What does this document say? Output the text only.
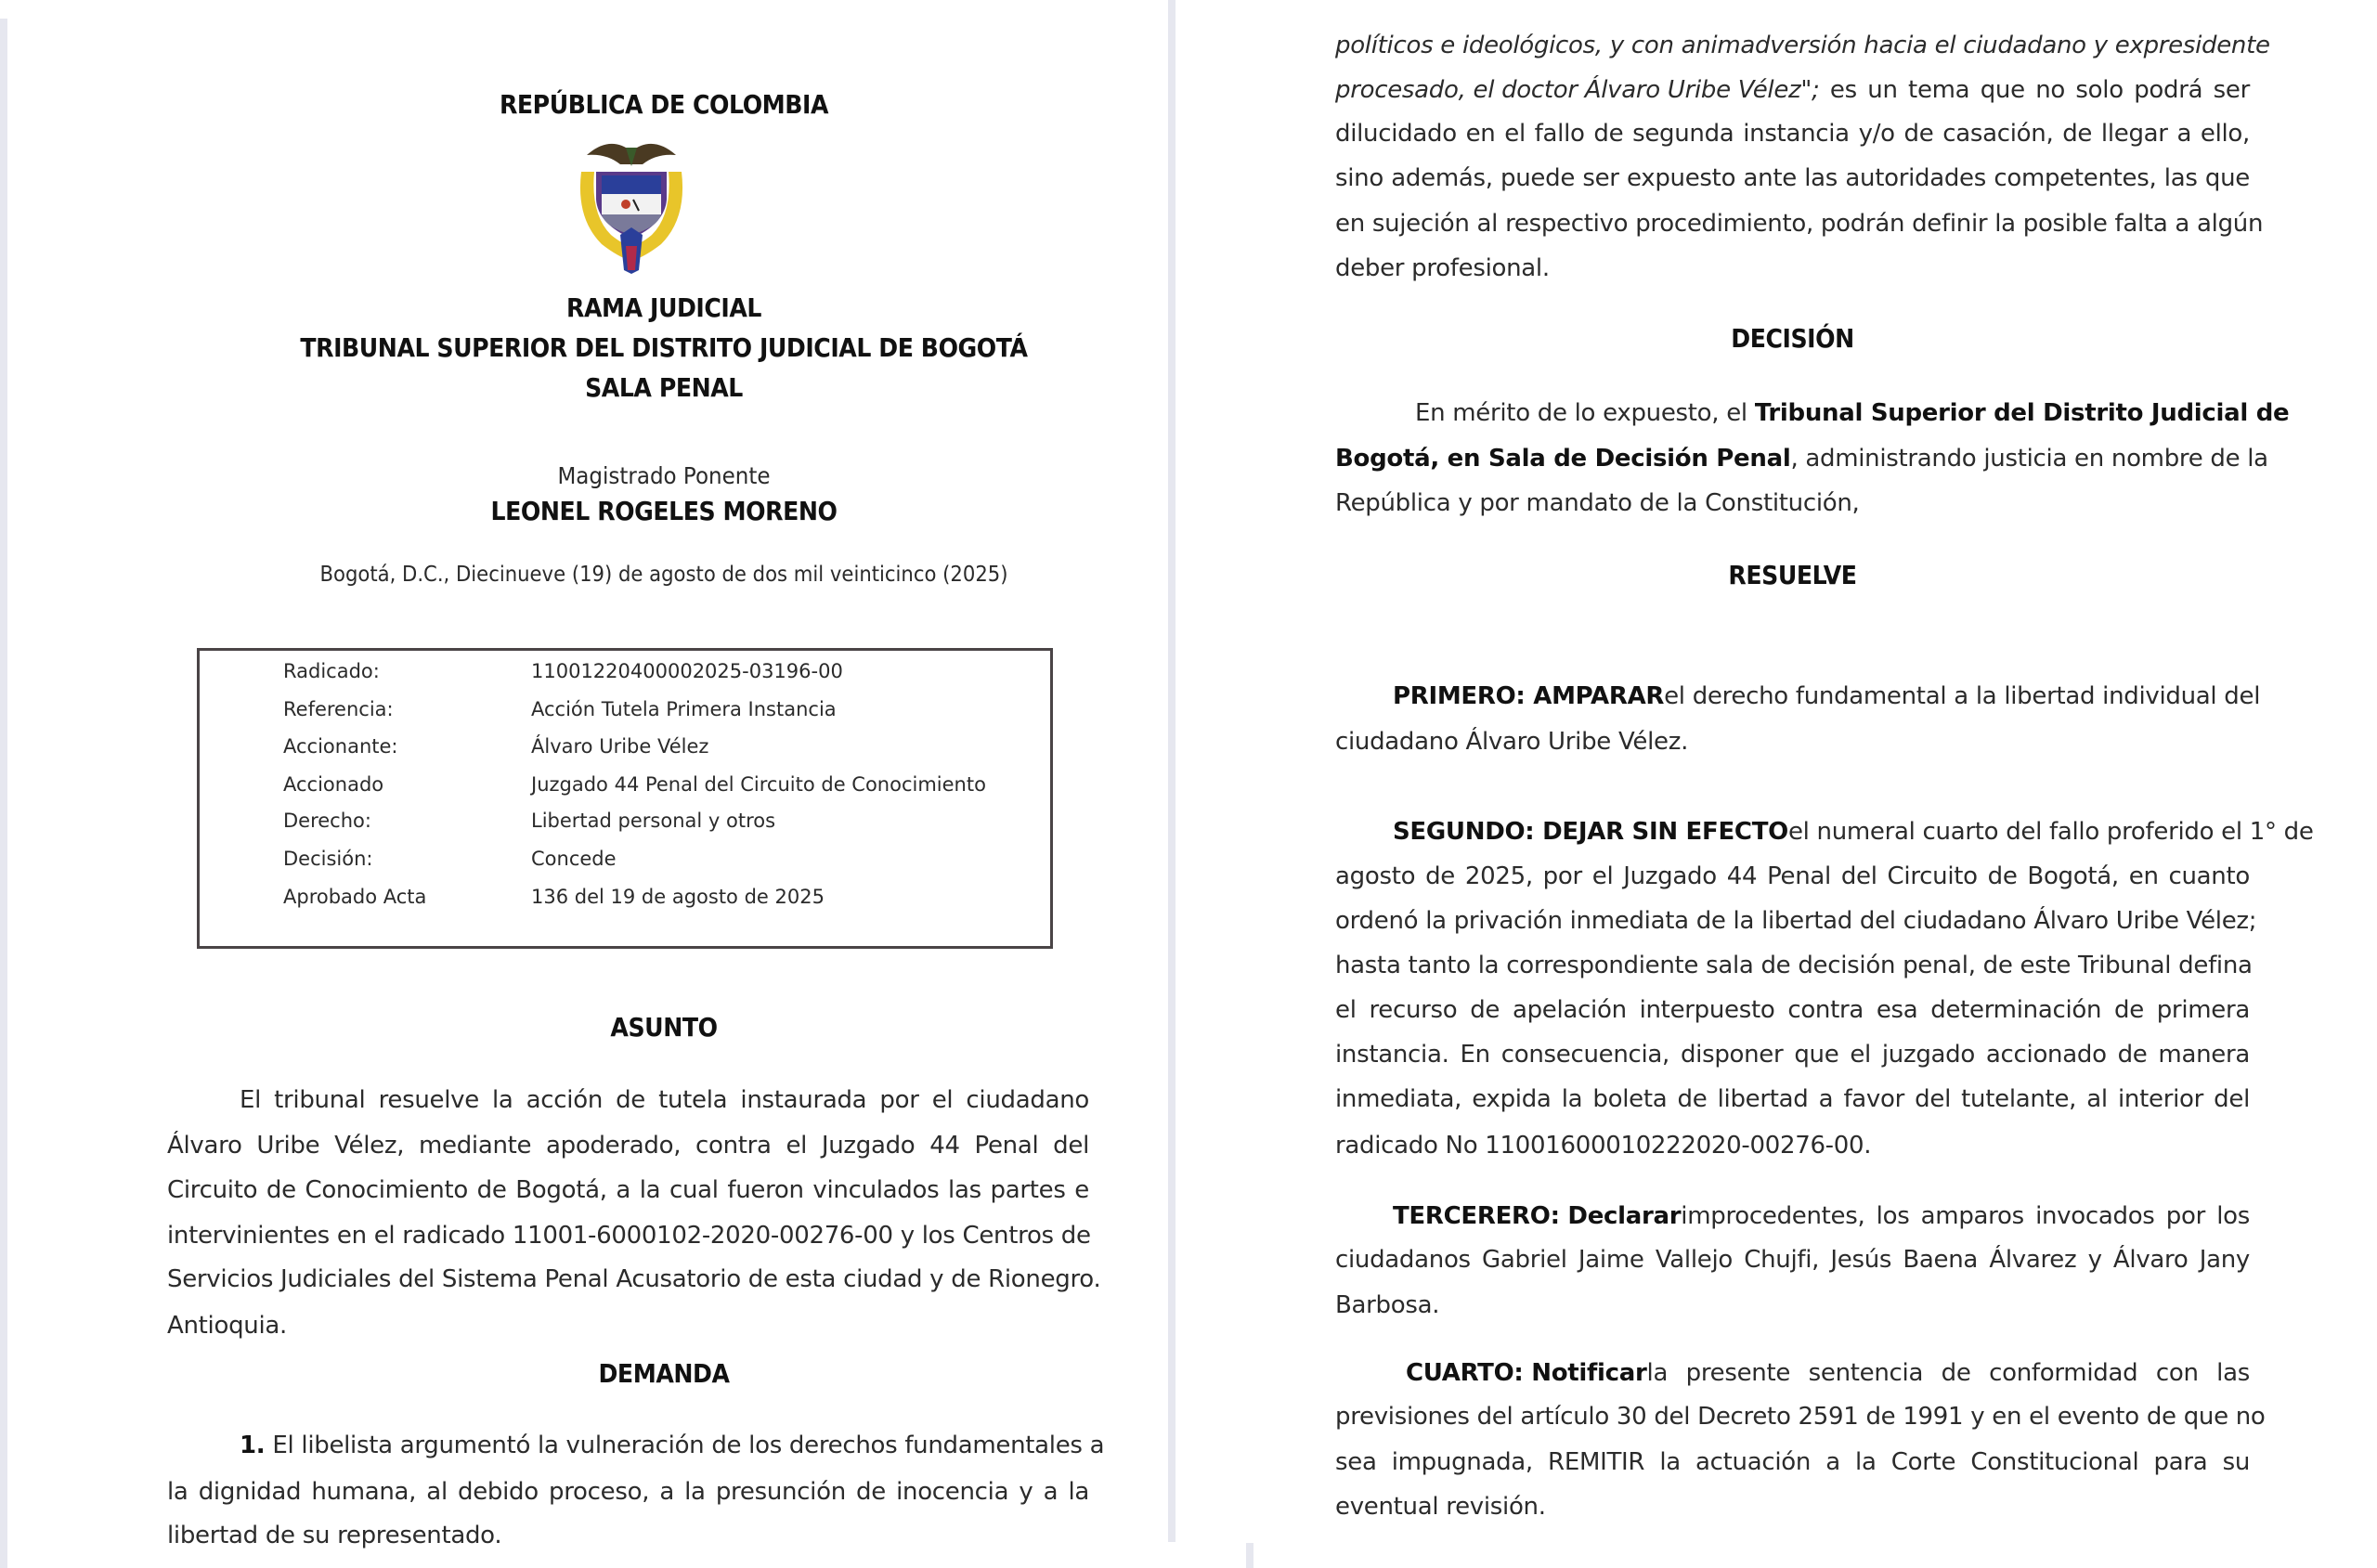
REPÚBLICA DE COLOMBIA
RAMA JUDICIAL
TRIBUNAL SUPERIOR DEL DISTRITO JUDICIAL DE BOGOTÁ
SALA PENAL
Magistrado Ponente
LEONEL ROGELES MORENO
Bogotá, D.C., Diecinueve (19) de agosto de dos mil veinticinco (2025)
Radicado:	11001220400002025-03196-00
Referencia:	Acción Tutela Primera Instancia
Accionante:	Álvaro Uribe Vélez
Accionado	Juzgado 44 Penal del Circuito de Conocimiento
Derecho:	Libertad personal y otros
Decisión:	Concede
Aprobado Acta	136 del 19 de agosto de 2025
ASUNTO
El tribunal resuelve la acción de tutela instaurada por el ciudadano
Álvaro Uribe Vélez, mediante apoderado, contra el Juzgado 44 Penal del
Circuito de Conocimiento de Bogotá, a la cual fueron vinculados las partes e
intervinientes en el radicado 11001-6000102-2020-00276-00 y los Centros de
Servicios Judiciales del Sistema Penal Acusatorio de esta ciudad y de Rionegro.
Antioquia.
DEMANDA
1. El libelista argumentó la vulneración de los derechos fundamentales a
la dignidad humana, al debido proceso, a la presunción de inocencia y a la
libertad de su representado.
políticos e ideológicos, y con animadversión hacia el ciudadano y expresidente
procesado, el doctor Álvaro Uribe Vélez"; es un tema que no solo podrá ser
dilucidado en el fallo de segunda instancia y/o de casación, de llegar a ello,
sino además, puede ser expuesto ante las autoridades competentes, las que
en sujeción al respectivo procedimiento, podrán definir la posible falta a algún
deber profesional.
DECISIÓN
En mérito de lo expuesto, el Tribunal Superior del Distrito Judicial de
Bogotá, en Sala de Decisión Penal , administrando justicia en nombre de la
República y por mandato de la Constitución,
RESUELVE
PRIMERO: AMPARAR el derecho fundamental a la libertad individual del
ciudadano Álvaro Uribe Vélez.
SEGUNDO: DEJAR SIN EFECTO el numeral cuarto del fallo proferido el 1° de
agosto de 2025, por el Juzgado 44 Penal del Circuito de Bogotá, en cuanto
ordenó la privación inmediata de la libertad del ciudadano Álvaro Uribe Vélez;
hasta tanto la correspondiente sala de decisión penal, de este Tribunal defina
el recurso de apelación interpuesto contra esa determinación de primera
instancia. En consecuencia, disponer que el juzgado accionado de manera
inmediata, expida la boleta de libertad a favor del tutelante, al interior del
radicado No 11001600010222020-00276-00.
TERCERERO: Declarar improcedentes, los amparos invocados por los
ciudadanos Gabriel Jaime Vallejo Chujfi, Jesús Baena Álvarez y Álvaro Jany
Barbosa.
CUARTO: Notificar la presente sentencia de conformidad con las
previsiones del artículo 30 del Decreto 2591 de 1991 y en el evento de que no
sea impugnada, REMITIR la actuación a la Corte Constitucional para su
eventual revisión.
